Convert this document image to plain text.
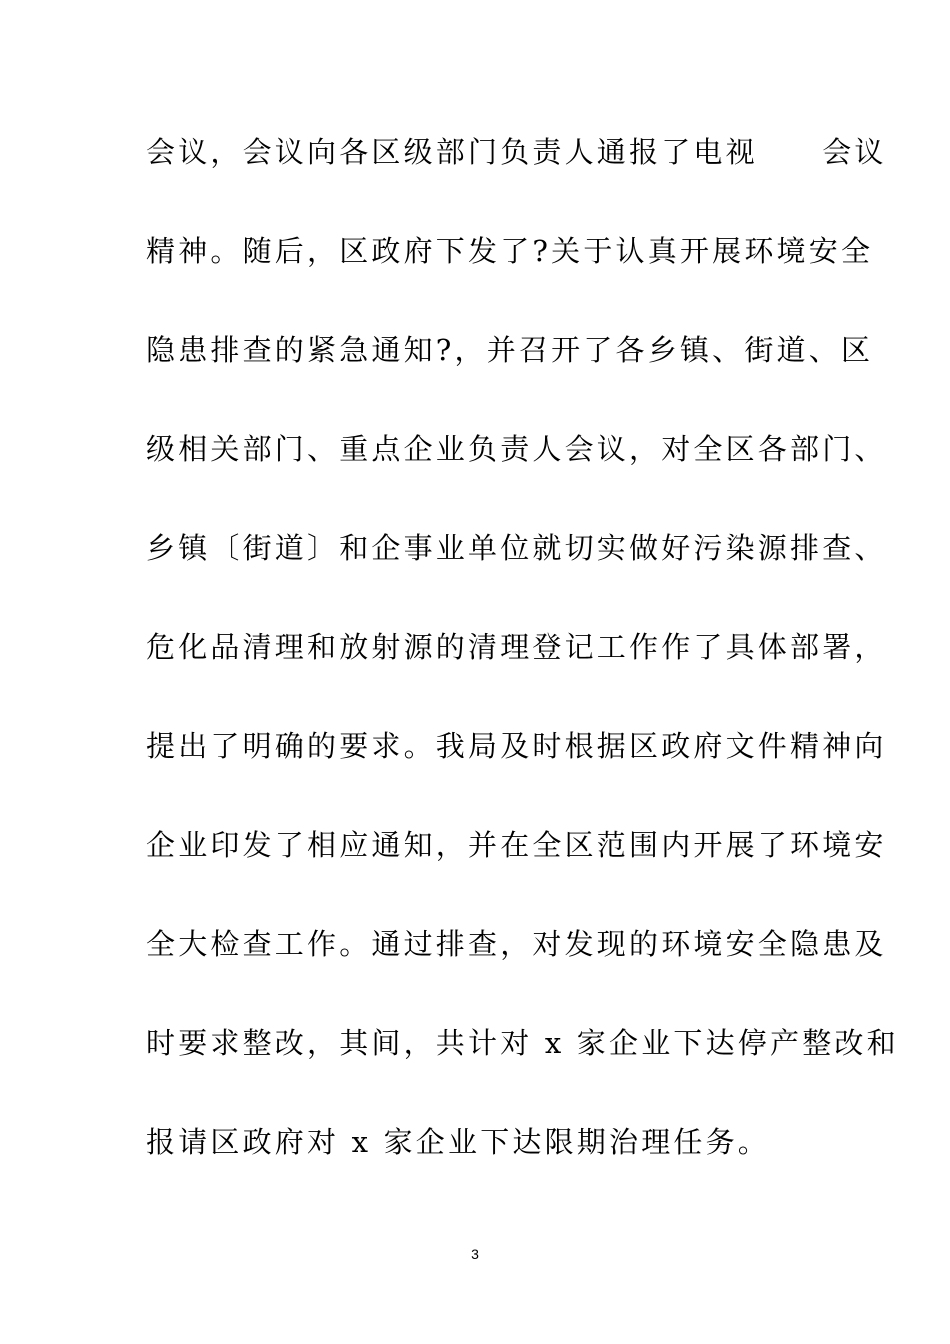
会议，会议向各区级部门负责人通报了电视　　会议
精神。随后，区政府下发了?关于认真开展环境安全
隐患排查的紧急通知?，并召开了各乡镇、街道、区
级相关部门、重点企业负责人会议，对全区各部门、
乡镇〔街道〕和企事业单位就切实做好污染源排查、
危化品清理和放射源的清理登记工作作了具体部署，
提出了明确的要求。我局及时根据区政府文件精神向
企业印发了相应通知，并在全区范围内开展了环境安
全大检查工作。通过排查，对发现的环境安全隐患及
时要求整改，其间，共计对 x 家企业下达停产整改和
报请区政府对 x 家企业下达限期治理任务。
3
